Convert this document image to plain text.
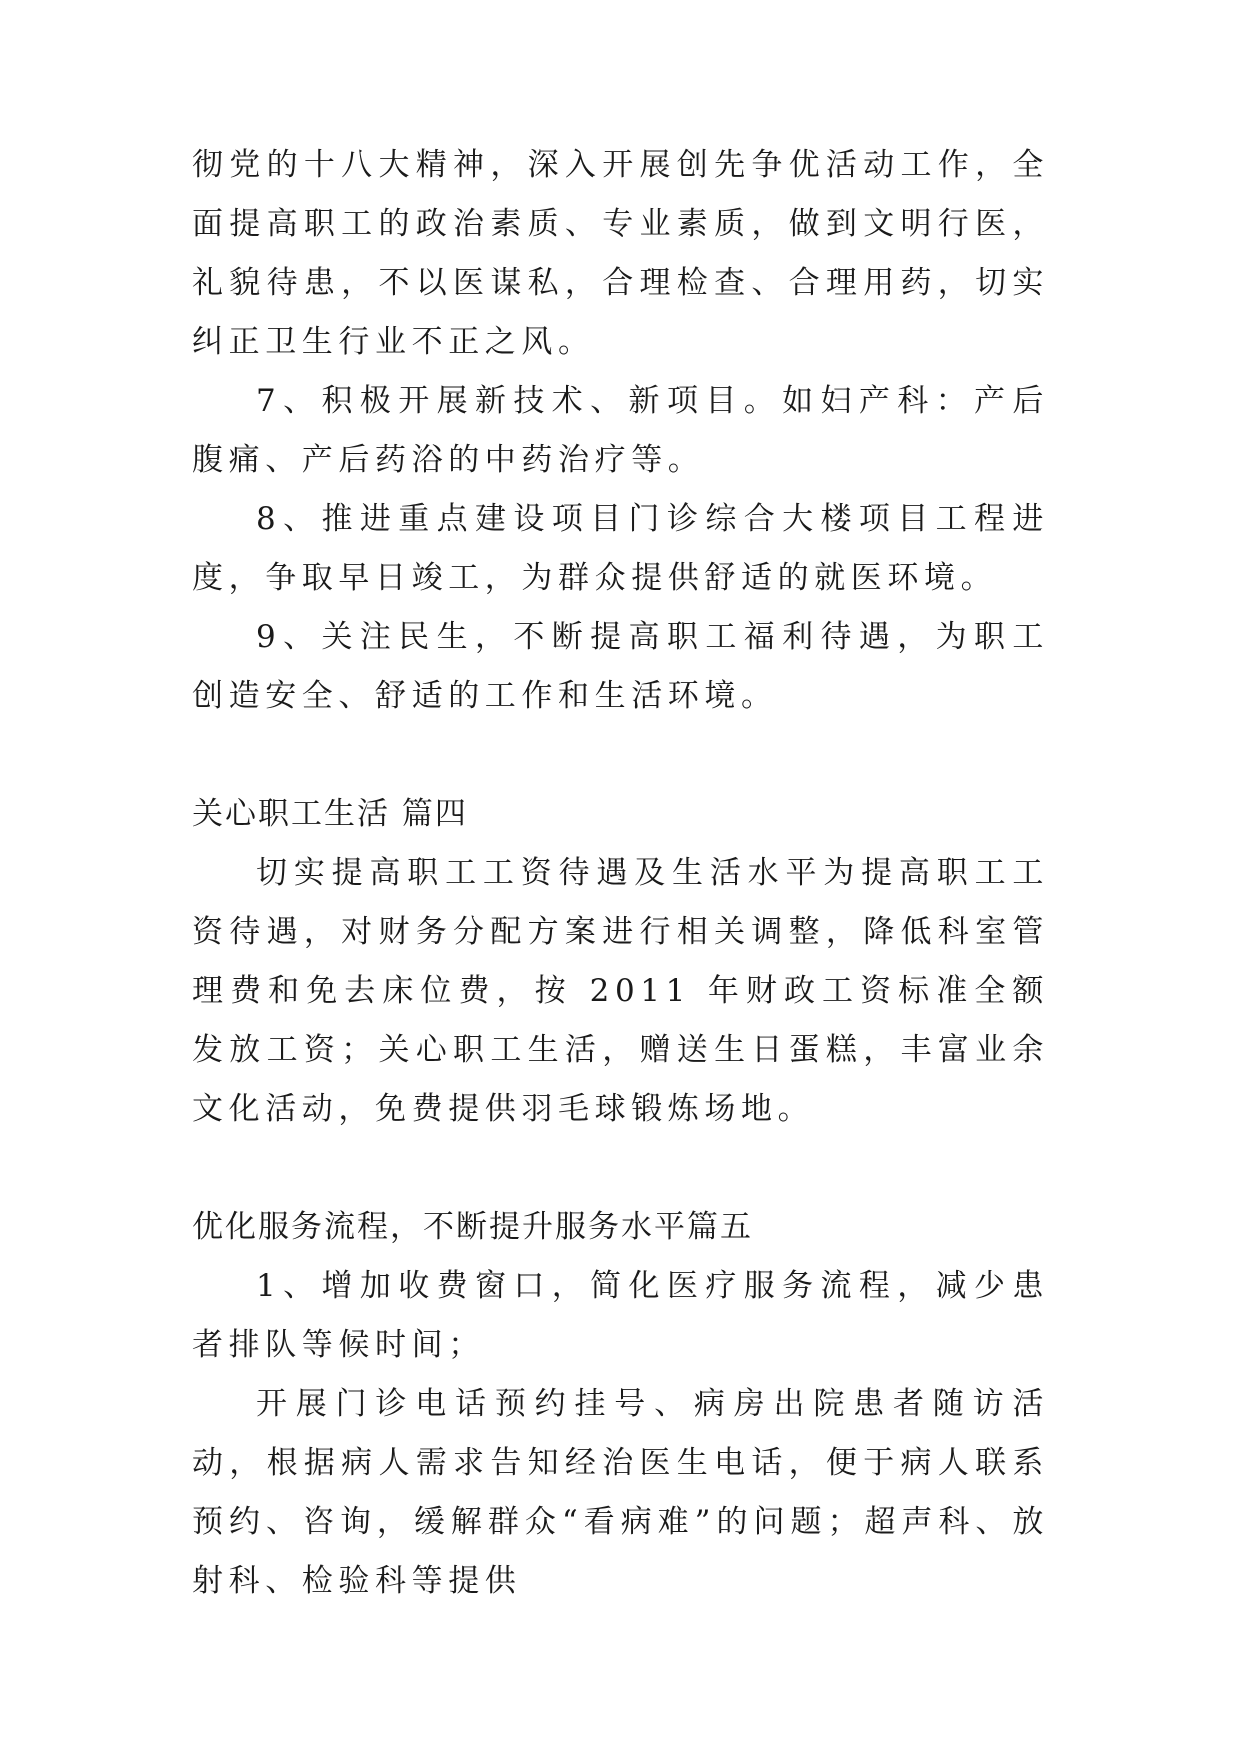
彻党的十八大精神，深入开展创先争优活动工作，全面提高职工的政治素质、专业素质，做到文明行医，礼貌待患，不以医谋私，合理检查、合理用药，切实纠正卫生行业不正之风。

7、积极开展新技术、新项目。如妇产科：产后腹痛、产后药浴的中药治疗等。

8、推进重点建设项目门诊综合大楼项目工程进度，争取早日竣工，为群众提供舒适的就医环境。

9、关注民生，不断提高职工福利待遇，为职工创造安全、舒适的工作和生活环境。

关心职工生活 篇四

切实提高职工工资待遇及生活水平为提高职工工资待遇，对财务分配方案进行相关调整，降低科室管理费和免去床位费，按 2011 年财政工资标准全额发放工资；关心职工生活，赠送生日蛋糕，丰富业余文化活动，免费提供羽毛球锻炼场地。

优化服务流程，不断提升服务水平篇五

1、增加收费窗口，简化医疗服务流程，减少患者排队等候时间；

开展门诊电话预约挂号、病房出院患者随访活动，根据病人需求告知经治医生电话，便于病人联系预约、咨询，缓解群众“看病难”的问题；超声科、放射科、检验科等提供
